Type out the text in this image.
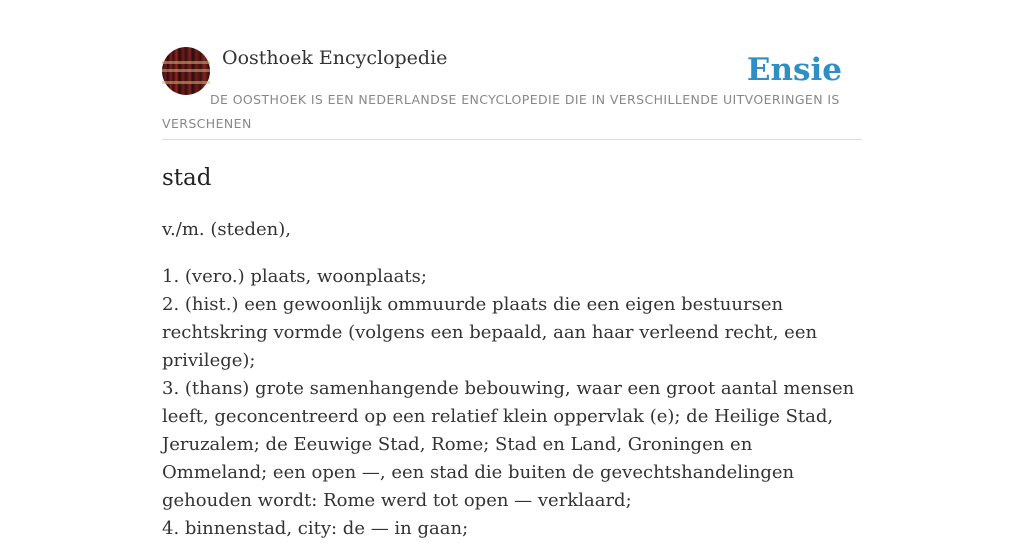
Oosthoek Encyclopedie	Ensie
DE OOSTHOEK IS EEN NEDERLANDSE ENCYCLOPEDIE DIE IN VERSCHILLENDE UITVOERINGEN IS VERSCHENEN
stad
v./m. (steden),
1. (vero.) plaats, woonplaats;
2. (hist.) een gewoonlijk ommuurde plaats die een eigen bestuursen rechtskring vormde (volgens een bepaald, aan haar verleend recht, een privilege);
3. (thans) grote samenhangende bebouwing, waar een groot aantal mensen leeft, geconcentreerd op een relatief klein oppervlak (e); de Heilige Stad, Jeruzalem; de Eeuwige Stad, Rome; Stad en Land, Groningen en Ommeland; een open —, een stad die buiten de gevechtshandelingen gehouden wordt: Rome werd tot open — verklaard;
4. binnenstad, city: de — in gaan;
